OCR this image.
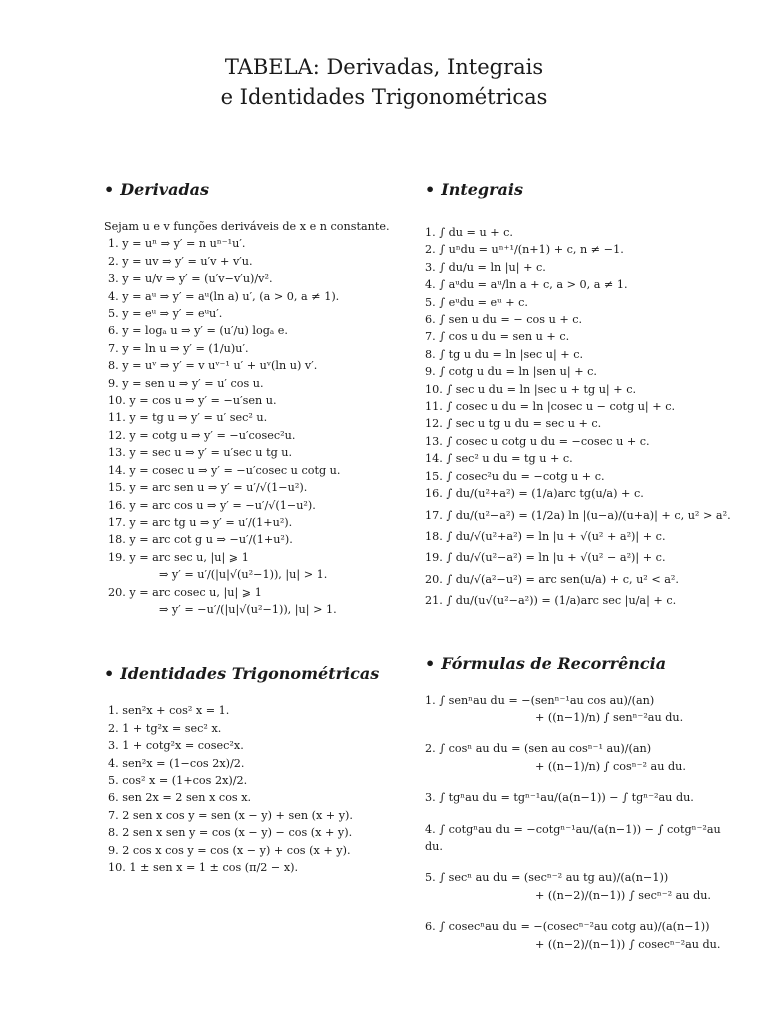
TABELA: Derivadas, Integrais
e Identidades Trigonométricas
• Derivadas
Sejam u e v funções deriváveis de x e n constante.
1. y = uⁿ ⇒ y′ = n uⁿ⁻¹u′.
2. y = uv ⇒ y′ = u′v + v′u.
3. y = u/v ⇒ y′ = (u′v−v′u)/v².
4. y = aᵘ ⇒ y′ = aᵘ(ln a) u′, (a > 0, a ≠ 1).
5. y = eᵘ ⇒ y′ = eᵘu′.
6. y = logₐ u ⇒ y′ = (u′/u) logₐ e.
7. y = ln u ⇒ y′ = (1/u)u′.
8. y = uᵛ ⇒ y′ = v uᵛ⁻¹ u′ + uᵛ(ln u) v′.
9. y = sen u ⇒ y′ = u′ cos u.
10. y = cos u ⇒ y′ = −u′sen u.
11. y = tg u ⇒ y′ = u′ sec² u.
12. y = cotg u ⇒ y′ = −u′cosec²u.
13. y = sec u ⇒ y′ = u′sec u tg u.
14. y = cosec u ⇒ y′ = −u′cosec u cotg u.
15. y = arc sen u ⇒ y′ = u′/√(1−u²).
16. y = arc cos u ⇒ y′ = −u′/√(1−u²).
17. y = arc tg u ⇒ y′ = u′/(1+u²).
18. y = arc cot g u ⇒ −u′/(1+u²).
19. y = arc sec u, |u| ⩾ 1
⇒ y′ = u′/(|u|√(u²−1)), |u| > 1.
20. y = arc cosec u, |u| ⩾ 1
⇒ y′ = −u′/(|u|√(u²−1)), |u| > 1.
• Identidades Trigonométricas
1. sen²x + cos² x = 1.
2. 1 + tg²x = sec² x.
3. 1 + cotg²x = cosec²x.
4. sen²x = (1−cos 2x)/2.
5. cos² x = (1+cos 2x)/2.
6. sen 2x = 2 sen x cos x.
7. 2 sen x cos y = sen (x − y) + sen (x + y).
8. 2 sen x sen y = cos (x − y) − cos (x + y).
9. 2 cos x cos y = cos (x − y) + cos (x + y).
10. 1 ± sen x = 1 ± cos (π/2 − x).
• Integrais
1. ∫ du = u + c.
2. ∫ uⁿdu = uⁿ⁺¹/(n+1) + c, n ≠ −1.
3. ∫ du/u = ln |u| + c.
4. ∫ aᵘdu = aᵘ/ln a + c, a > 0, a ≠ 1.
5. ∫ eᵘdu = eᵘ + c.
6. ∫ sen u du = − cos u + c.
7. ∫ cos u du = sen u + c.
8. ∫ tg u du = ln |sec u| + c.
9. ∫ cotg u du = ln |sen u| + c.
10. ∫ sec u du = ln |sec u + tg u| + c.
11. ∫ cosec u du = ln |cosec u − cotg u| + c.
12. ∫ sec u tg u du = sec u + c.
13. ∫ cosec u cotg u du = −cosec u + c.
14. ∫ sec² u du = tg u + c.
15. ∫ cosec²u du = −cotg u + c.
16. ∫ du/(u²+a²) = (1/a)arc tg(u/a) + c.
17. ∫ du/(u²−a²) = (1/2a) ln |(u−a)/(u+a)| + c, u² > a².
18. ∫ du/√(u²+a²) = ln |u + √(u² + a²)| + c.
19. ∫ du/√(u²−a²) = ln |u + √(u² − a²)| + c.
20. ∫ du/√(a²−u²) = arc sen(u/a) + c, u² < a².
21. ∫ du/(u√(u²−a²)) = (1/a)arc sec |u/a| + c.
• Fórmulas de Recorrência
1. ∫ senⁿau du = −(senⁿ⁻¹au cos au)/(an)
+ ((n−1)/n) ∫ senⁿ⁻²au du.
2. ∫ cosⁿ au du = (sen au cosⁿ⁻¹ au)/(an)
+ ((n−1)/n) ∫ cosⁿ⁻² au du.
3. ∫ tgⁿau du = tgⁿ⁻¹au/(a(n−1)) − ∫ tgⁿ⁻²au du.
4. ∫ cotgⁿau du = −cotgⁿ⁻¹au/(a(n−1)) − ∫ cotgⁿ⁻²au du.
5. ∫ secⁿ au du = (secⁿ⁻² au tg au)/(a(n−1))
+ ((n−2)/(n−1)) ∫ secⁿ⁻² au du.
6. ∫ cosecⁿau du = −(cosecⁿ⁻²au cotg au)/(a(n−1))
+ ((n−2)/(n−1)) ∫ cosecⁿ⁻²au du.
